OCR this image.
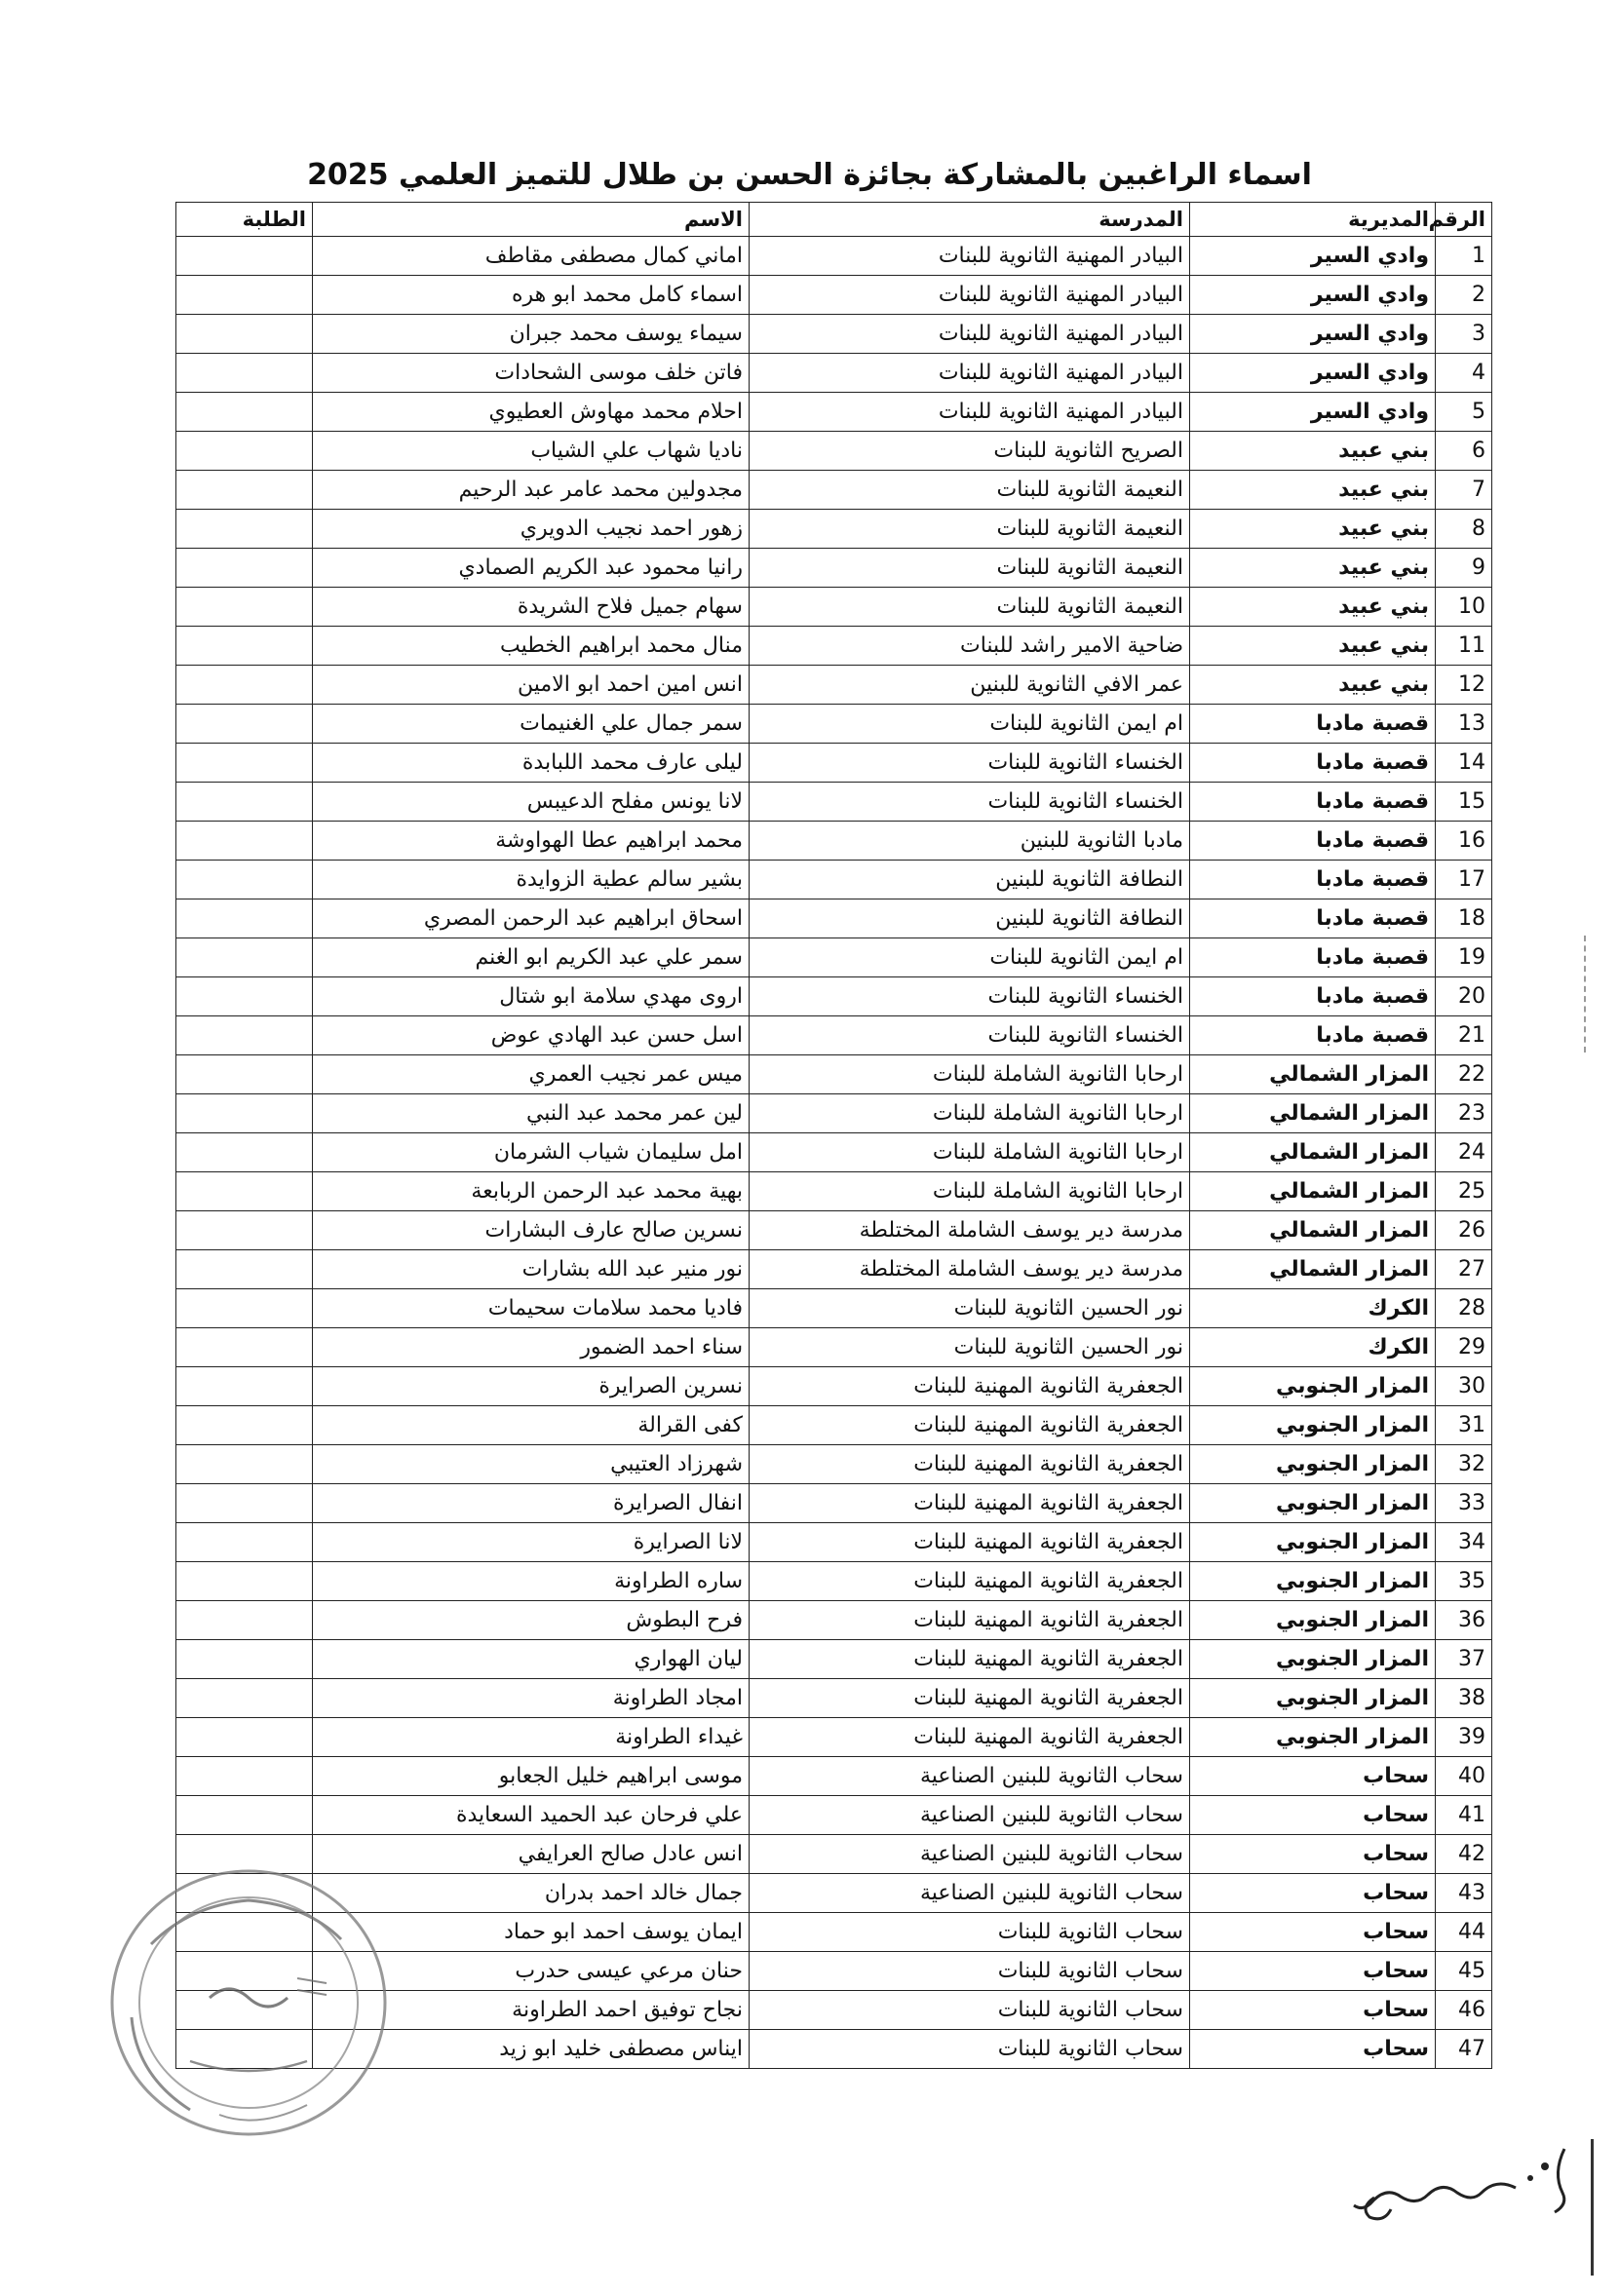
اسماء الراغبين بالمشاركة بجائزة الحسن بن طلال للتميز العلمي 2025
الرقم	المديرية	المدرسة	الاسم	الطلبة
1	وادي السير	البيادر المهنية الثانوية للبنات	اماني كمال مصطفى مقاطف	
2	وادي السير	البيادر المهنية الثانوية للبنات	اسماء كامل محمد ابو هره	
3	وادي السير	البيادر المهنية الثانوية للبنات	سيماء يوسف محمد جبران	
4	وادي السير	البيادر المهنية الثانوية للبنات	فاتن خلف موسى الشحادات	
5	وادي السير	البيادر المهنية الثانوية للبنات	احلام محمد مهاوش العطيوي	
6	بني عبيد	الصريح الثانوية للبنات	ناديا شهاب علي الشياب	
7	بني عبيد	النعيمة الثانوية للبنات	مجدولين محمد عامر عبد الرحيم	
8	بني عبيد	النعيمة الثانوية للبنات	زهور احمد نجيب الدويري	
9	بني عبيد	النعيمة الثانوية للبنات	رانيا محمود عبد الكريم الصمادي	
10	بني عبيد	النعيمة الثانوية للبنات	سهام جميل فلاح الشريدة	
11	بني عبيد	ضاحية الامير راشد للبنات	منال محمد ابراهيم الخطيب	
12	بني عبيد	عمر الافي الثانوية للبنين	انس امين احمد ابو الامين	
13	قصبة مادبا	ام ايمن الثانوية للبنات	سمر جمال علي الغنيمات	
14	قصبة مادبا	الخنساء الثانوية للبنات	ليلى عارف محمد اللبابدة	
15	قصبة مادبا	الخنساء الثانوية للبنات	لانا يونس مفلح الدعيبس	
16	قصبة مادبا	مادبا الثانوية للبنين	محمد ابراهيم عطا الهواوشة	
17	قصبة مادبا	النطافة الثانوية للبنين	بشير سالم عطية الزوايدة	
18	قصبة مادبا	النطافة الثانوية للبنين	اسحاق ابراهيم عبد الرحمن المصري	
19	قصبة مادبا	ام ايمن الثانوية للبنات	سمر علي عبد الكريم ابو الغنم	
20	قصبة مادبا	الخنساء الثانوية للبنات	اروى مهدي سلامة ابو شتال	
21	قصبة مادبا	الخنساء الثانوية للبنات	اسل حسن عبد الهادي عوض	
22	المزار الشمالي	ارحابا الثانوية الشاملة للبنات	ميس عمر نجيب العمري	
23	المزار الشمالي	ارحابا الثانوية الشاملة للبنات	لين عمر محمد عبد النبي	
24	المزار الشمالي	ارحابا الثانوية الشاملة للبنات	امل سليمان شياب الشرمان	
25	المزار الشمالي	ارحابا الثانوية الشاملة للبنات	بهية محمد عبد الرحمن الربابعة	
26	المزار الشمالي	مدرسة دير يوسف الشاملة المختلطة	نسرين صالح عارف البشارات	
27	المزار الشمالي	مدرسة دير يوسف الشاملة المختلطة	نور منير عبد الله بشارات	
28	الكرك	نور الحسين الثانوية للبنات	فاديا محمد سلامات سحيمات	
29	الكرك	نور الحسين الثانوية للبنات	سناء احمد الضمور	
30	المزار الجنوبي	الجعفرية الثانوية المهنية للبنات	نسرين الصرايرة	
31	المزار الجنوبي	الجعفرية الثانوية المهنية للبنات	كفى القرالة	
32	المزار الجنوبي	الجعفرية الثانوية المهنية للبنات	شهرزاد العتيبي	
33	المزار الجنوبي	الجعفرية الثانوية المهنية للبنات	انفال الصرايرة	
34	المزار الجنوبي	الجعفرية الثانوية المهنية للبنات	لانا الصرايرة	
35	المزار الجنوبي	الجعفرية الثانوية المهنية للبنات	ساره الطراونة	
36	المزار الجنوبي	الجعفرية الثانوية المهنية للبنات	فرح البطوش	
37	المزار الجنوبي	الجعفرية الثانوية المهنية للبنات	ليان الهواري	
38	المزار الجنوبي	الجعفرية الثانوية المهنية للبنات	امجاد الطراونة	
39	المزار الجنوبي	الجعفرية الثانوية المهنية للبنات	غيداء الطراونة	
40	سحاب	سحاب الثانوية للبنين الصناعية	موسى ابراهيم خليل الجعابو	
41	سحاب	سحاب الثانوية للبنين الصناعية	علي فرحان عبد الحميد السعايدة	
42	سحاب	سحاب الثانوية للبنين الصناعية	انس عادل صالح العرايفي	
43	سحاب	سحاب الثانوية للبنين الصناعية	جمال خالد احمد بدران	
44	سحاب	سحاب الثانوية للبنات	ايمان يوسف احمد ابو حماد	
45	سحاب	سحاب الثانوية للبنات	حنان مرعي عيسى حدرب	
46	سحاب	سحاب الثانوية للبنات	نجاح توفيق احمد الطراونة	
47	سحاب	سحاب الثانوية للبنات	ايناس مصطفى خليد ابو زيد	
